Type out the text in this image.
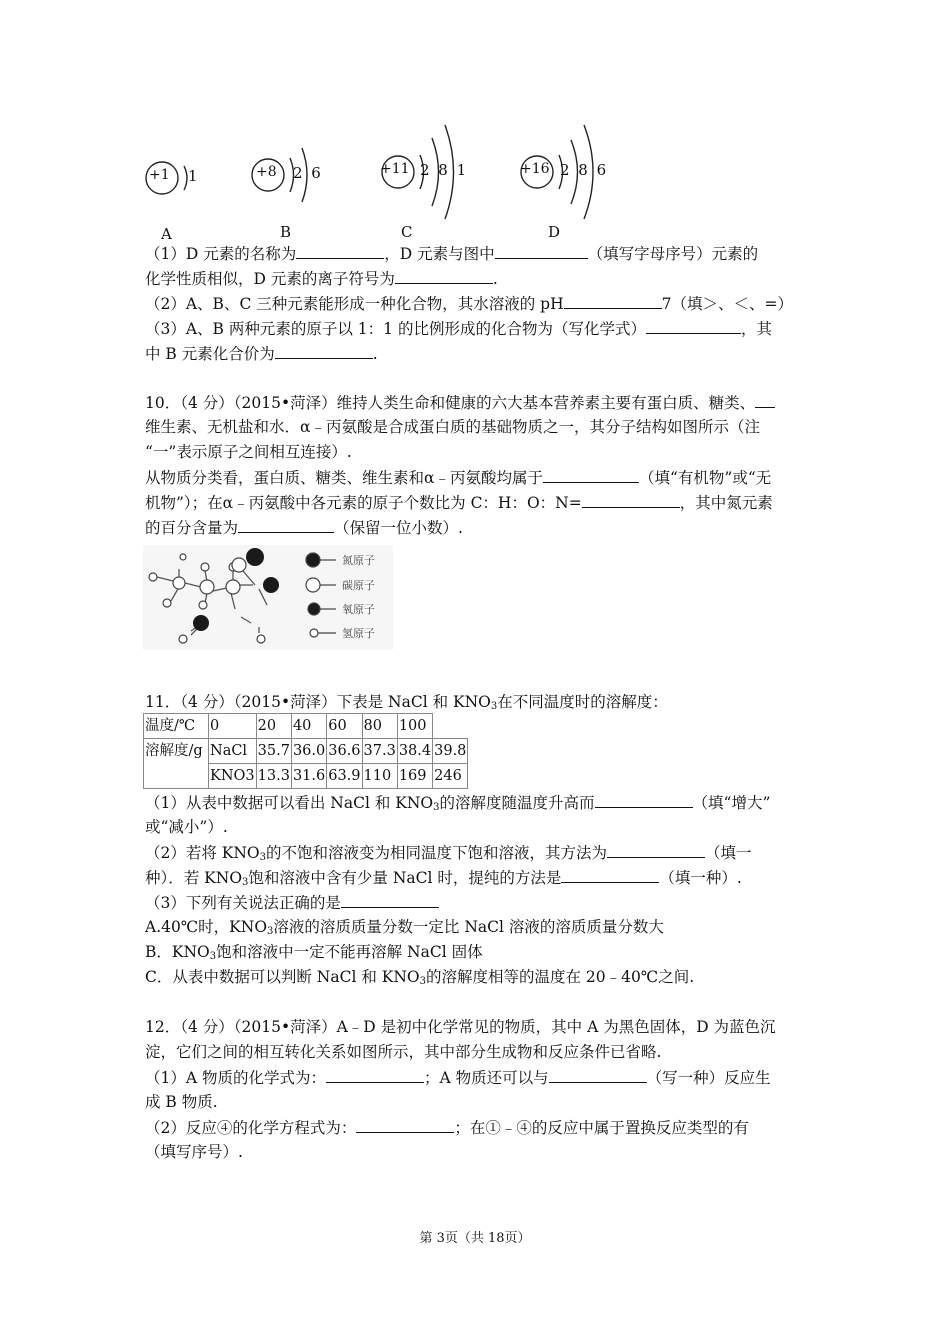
+1 1
A
+8 2 6
B
+11 2 8 1
C
+16 2 8 6
D
（1）D 元素的名称为	，D 元素与图中	（填写字母序号）元素的
化学性质相似，D 元素的离子符号为	.
（2）A、B、C 三种元素能形成一种化合物，其水溶液的 pH	7（填＞、＜、=）
（3）A、B 两种元素的原子以 1：1 的比例形成的化合物为（写化学式）	，其
中 B 元素化合价为	.
10．（4 分）（2015•菏泽）维持人类生命和健康的六大基本营养素主要有蛋白质、糖类、
维生素、无机盐和水．α﹣丙氨酸是合成蛋白质的基础物质之一，其分子结构如图所示（注
“一”表示原子之间相互连接）.
从物质分类看，蛋白质、糖类、维生素和α﹣丙氨酸均属于	（填“有机物”或“无
机物”）；在α﹣丙氨酸中各元素的原子个数比为 C：H：O：N=	，其中氮元素
的百分含量为	（保留一位小数）.
氮原子
碳原子
氧原子
氢原子
11．（4 分）（2015•菏泽）下表是 NaCl 和 $KNO_3$在不同温度时的溶解度：
温度/℃	0	20	40	60	80	100	
溶解度/g	NaCl	35.7	36.0	36.6	37.3	38.4	39.8
	KNO3	13.3	31.6	63.9	110	169	246
（1）从表中数据可以看出 NaCl 和 $KNO_3$的溶解度随温度升高而	（填“增大”
或“减小”）.
（2）若将 $KNO_3$的不饱和溶液变为相同温度下饱和溶液，其方法为	（填一
种）．若 $KNO_3$饱和溶液中含有少量 NaCl 时，提纯的方法是	（填一种）.
（3）下列有关说法正确的是
A.40℃时，$KNO_3$溶液的溶质质量分数一定比 NaCl 溶液的溶质质量分数大
B．$KNO_3$饱和溶液中一定不能再溶解 NaCl 固体
C．从表中数据可以判断 NaCl 和 $KNO_3$的溶解度相等的温度在 20﹣40℃之间.
12．（4 分）（2015•菏泽）A﹣D 是初中化学常见的物质，其中 A 为黑色固体，D 为蓝色沉
淀，它们之间的相互转化关系如图所示，其中部分生成物和反应条件已省略.
（1）A 物质的化学式为：	；A 物质还可以与	（写一种）反应生
成 B 物质.
（2）反应④的化学方程式为：	；在①﹣④的反应中属于置换反应类型的有
（填写序号）.
第 3页（共 18页）
